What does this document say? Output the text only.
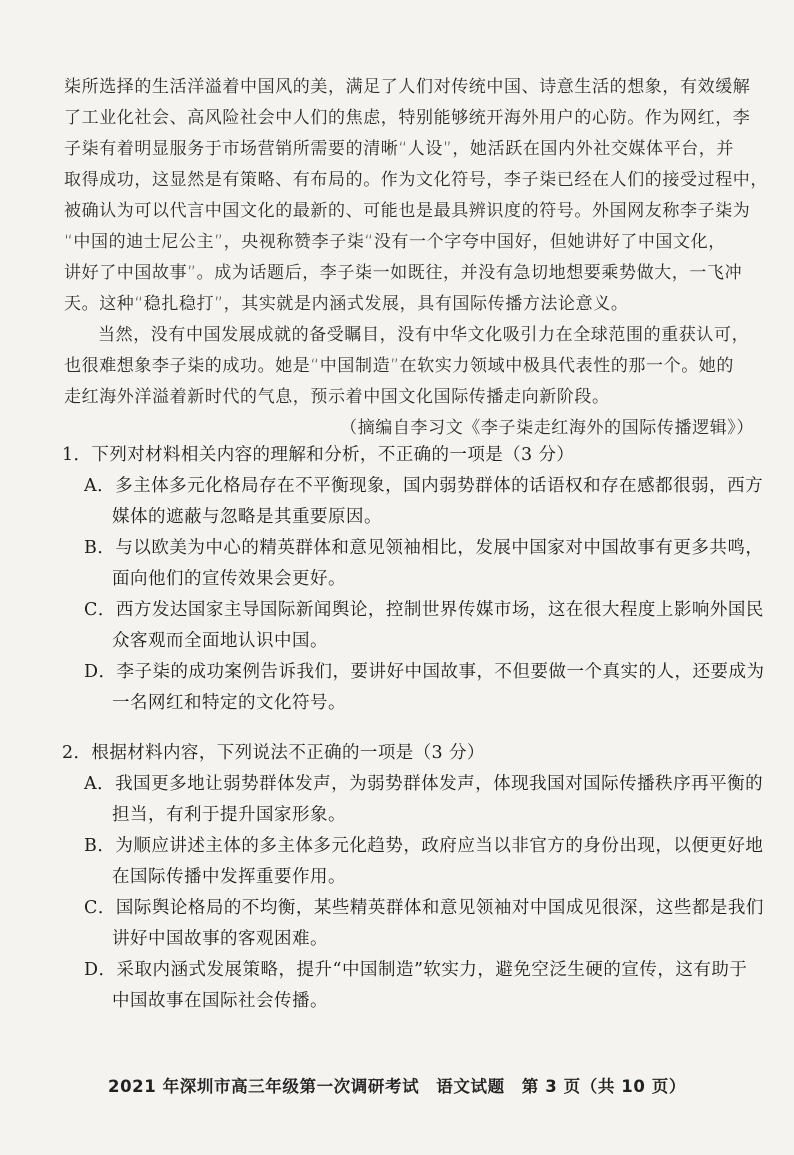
柒所选择的生活洋溢着中国风的美，满足了人们对传统中国、诗意生活的想象，有效缓解
了工业化社会、高风险社会中人们的焦虑，特别能够统开海外用户的心防。作为网红，李
子柒有着明显服务于市场营销所需要的清晰“人设”，她活跃在国内外社交媒体平台，并
取得成功，这显然是有策略、有布局的。作为文化符号，李子柒已经在人们的接受过程中，
被确认为可以代言中国文化的最新的、可能也是最具辨识度的符号。外国网友称李子柒为
“中国的迪士尼公主”，央视称赞李子柒“没有一个字夸中国好，但她讲好了中国文化，
讲好了中国故事”。成为话题后，李子柒一如既往，并没有急切地想要乘势做大，一飞冲
天。这种“稳扎稳打”，其实就是内涵式发展，具有国际传播方法论意义。
当然，没有中国发展成就的备受瞩目，没有中华文化吸引力在全球范围的重获认可，
也很难想象李子柒的成功。她是“中国制造”在软实力领域中极具代表性的那一个。她的
走红海外洋溢着新时代的气息，预示着中国文化国际传播走向新阶段。
（摘编自李习文《李子柒走红海外的国际传播逻辑》）
1．下列对材料相关内容的理解和分析，不正确的一项是（3 分）
A．多主体多元化格局存在不平衡现象，国内弱势群体的话语权和存在感都很弱，西方
媒体的遮蔽与忽略是其重要原因。
B．与以欧美为中心的精英群体和意见领袖相比，发展中国家对中国故事有更多共鸣，
面向他们的宣传效果会更好。
C．西方发达国家主导国际新闻舆论，控制世界传媒市场，这在很大程度上影响外国民
众客观而全面地认识中国。
D．李子柒的成功案例告诉我们，要讲好中国故事，不但要做一个真实的人，还要成为
一名网红和特定的文化符号。
2．根据材料内容，下列说法不正确的一项是（3 分）
A．我国更多地让弱势群体发声，为弱势群体发声，体现我国对国际传播秩序再平衡的
担当，有利于提升国家形象。
B．为顺应讲述主体的多主体多元化趋势，政府应当以非官方的身份出现，以便更好地
在国际传播中发挥重要作用。
C．国际舆论格局的不均衡，某些精英群体和意见领袖对中国成见很深，这些都是我们
讲好中国故事的客观困难。
D．采取内涵式发展策略，提升“中国制造”软实力，避免空泛生硬的宣传，这有助于
中国故事在国际社会传播。
2021 年深圳市高三年级第一次调研考试　语文试题　第 3 页（共 10 页）
